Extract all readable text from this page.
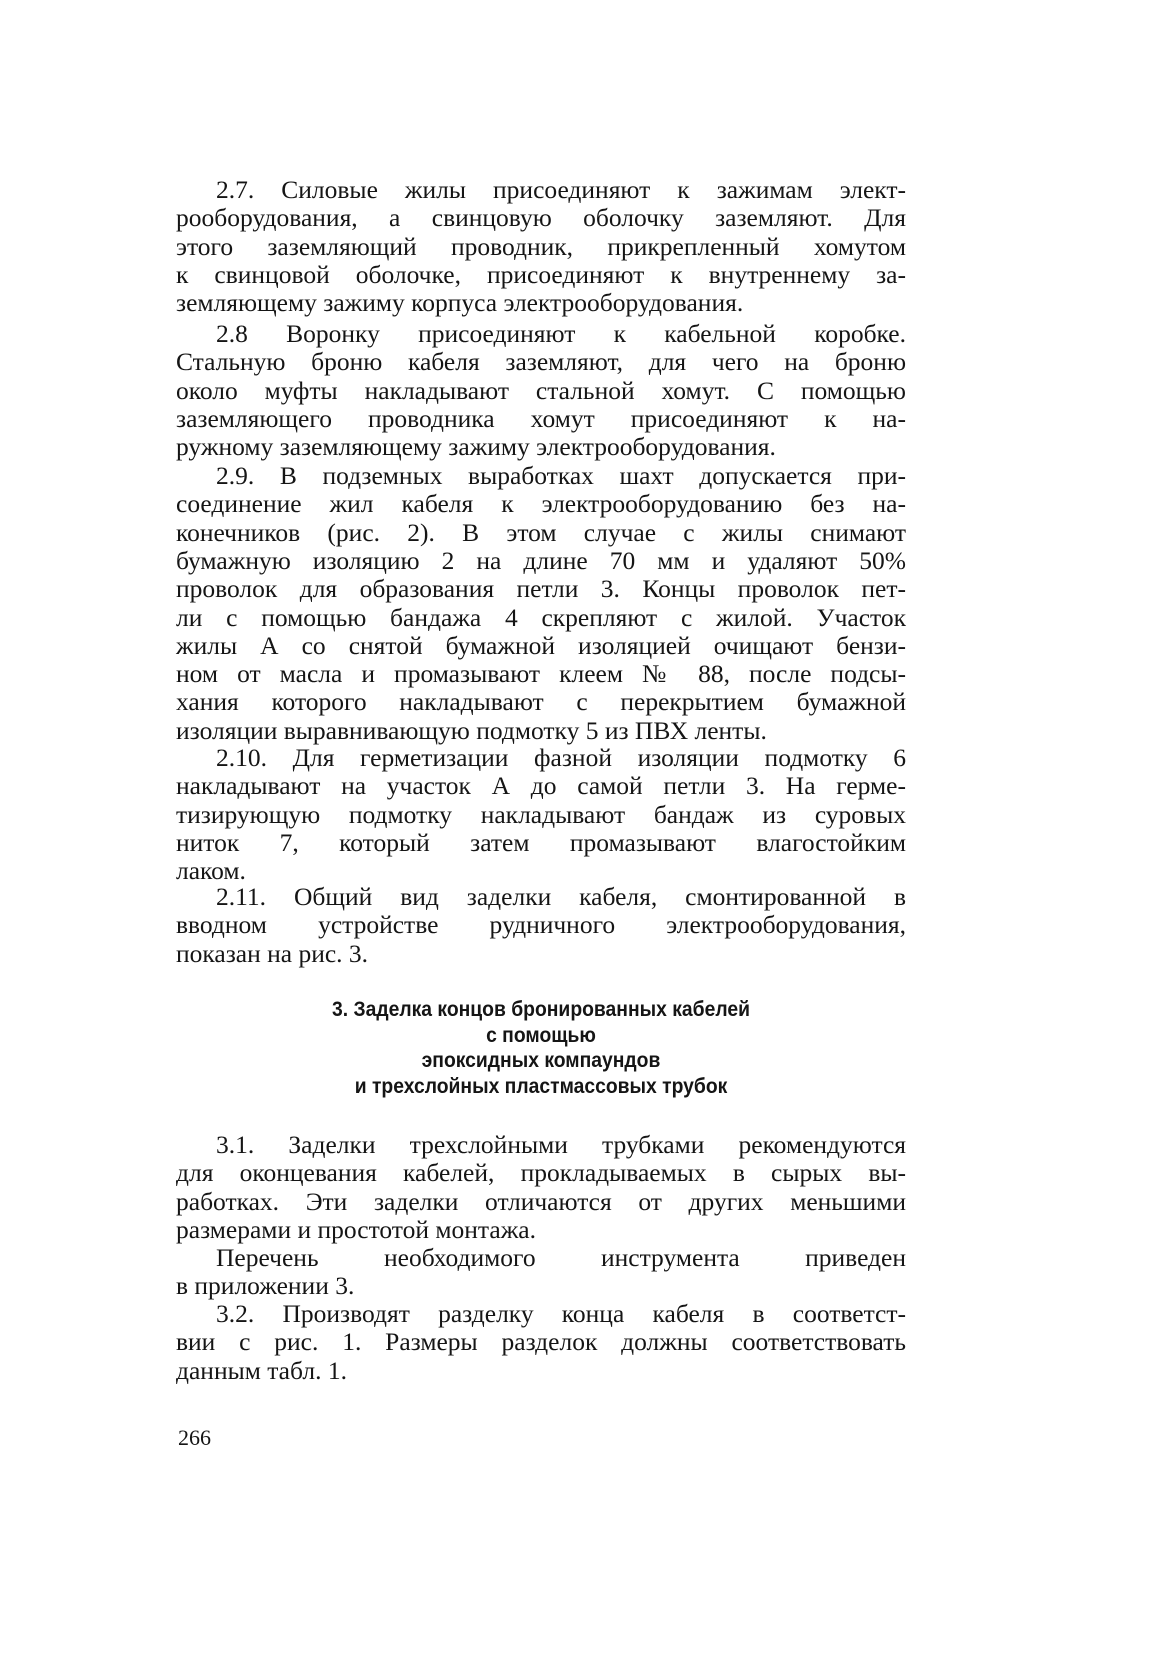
2.7. Силовые жилы присоединяют к зажимам элект-
рооборудования, а свинцовую оболочку заземляют. Для
этого заземляющий проводник, прикрепленный хомутом
к свинцовой оболочке, присоединяют к внутреннему за-
земляющему зажиму корпуса электрооборудования.
2.8 Воронку присоединяют к кабельной коробке.
Стальную броню кабеля заземляют, для чего на броню
около муфты накладывают стальной хомут. С помощью
заземляющего проводника хомут присоединяют к на-
ружному заземляющему зажиму электрооборудования.
2.9. В подземных выработках шахт допускается при-
соединение жил кабеля к электрооборудованию без на-
конечников (рис. 2). В этом случае с жилы снимают
бумажную изоляцию 2 на длине 70 мм и удаляют 50%
проволок для образования петли 3. Концы проволок пет-
ли с помощью бандажа 4 скрепляют с жилой. Участок
жилы А со снятой бумажной изоляцией очищают бензи-
ном от масла и промазывают клеем № 88, после подсы-
хания которого накладывают с перекрытием бумажной
изоляции выравнивающую подмотку 5 из ПВХ ленты.
2.10. Для герметизации фазной изоляции подмотку 6
накладывают на участок А до самой петли 3. На герме-
тизирующую подмотку накладывают бандаж из суровых
ниток 7, который затем промазывают влагостойким
лаком.
2.11. Общий вид заделки кабеля, смонтированной в
вводном устройстве рудничного электрооборудования,
показан на рис. 3.
3.1. Заделки трехслойными трубками рекомендуются
для оконцевания кабелей, прокладываемых в сырых вы-
работках. Эти заделки отличаются от других меньшими
размерами и простотой монтажа.
Перечень необходимого инструмента приведен
в приложении 3.
3.2. Производят разделку конца кабеля в соответст-
вии с рис. 1. Размеры разделок должны соответствовать
данным табл. 1.
3. Заделка концов бронированных кабелей
с помощью
эпоксидных компаундов
и трехслойных пластмассовых трубок
266
